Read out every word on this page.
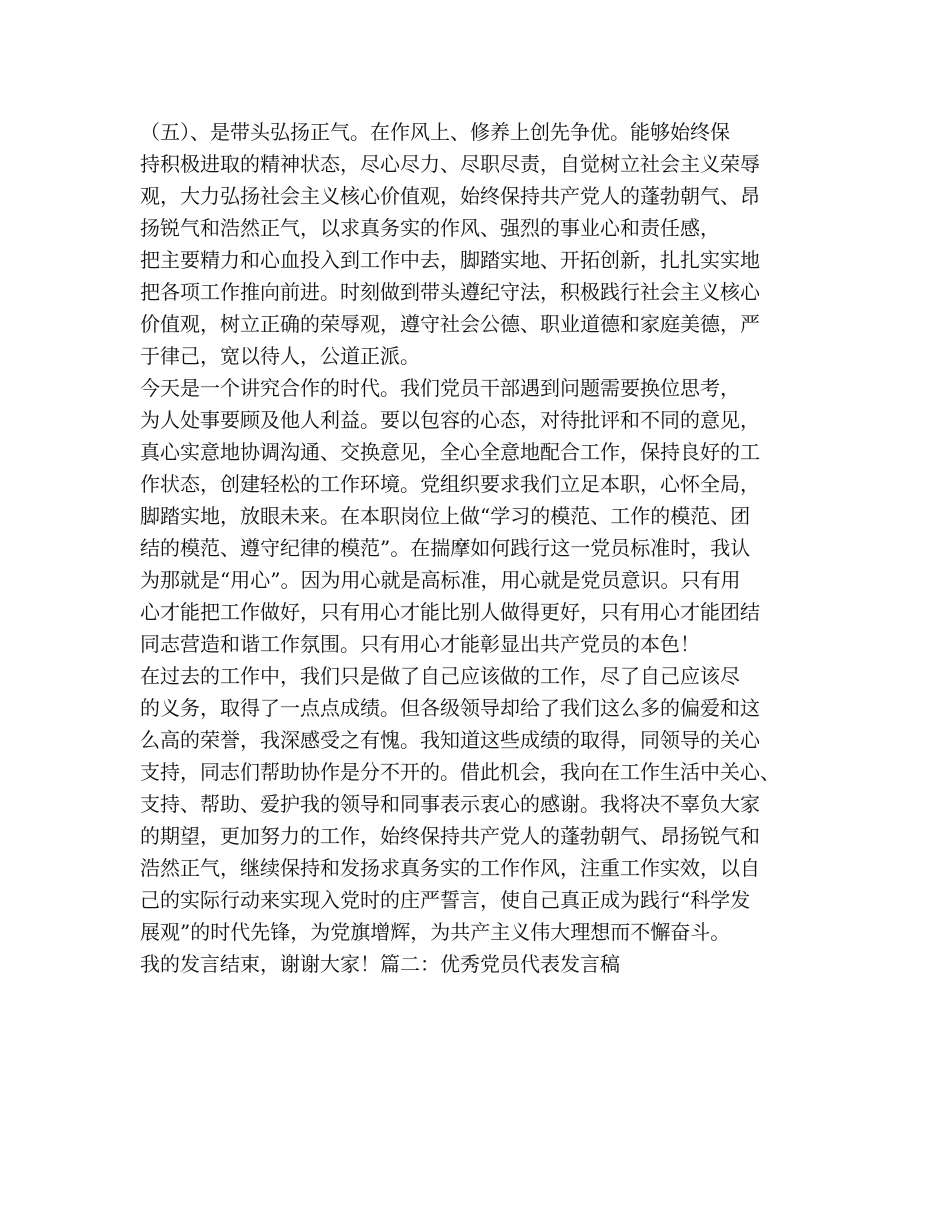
（五）、是带头弘扬正气。在作风上、修养上创先争优。能够始终保
持积极进取的精神状态，尽心尽力、尽职尽责，自觉树立社会主义荣辱
观，大力弘扬社会主义核心价值观，始终保持共产党人的蓬勃朝气、昂
扬锐气和浩然正气，以求真务实的作风、强烈的事业心和责任感，
把主要精力和心血投入到工作中去，脚踏实地、开拓创新，扎扎实实地
把各项工作推向前进。时刻做到带头遵纪守法，积极践行社会主义核心
价值观，树立正确的荣辱观，遵守社会公德、职业道德和家庭美德，严
于律己，宽以待人，公道正派。
今天是一个讲究合作的时代。我们党员干部遇到问题需要换位思考，
为人处事要顾及他人利益。要以包容的心态，对待批评和不同的意见，
真心实意地协调沟通、交换意见，全心全意地配合工作，保持良好的工
作状态，创建轻松的工作环境。党组织要求我们立足本职，心怀全局，
脚踏实地，放眼未来。在本职岗位上做“学习的模范、工作的模范、团
结的模范、遵守纪律的模范”。在揣摩如何践行这一党员标准时，我认
为那就是“用心”。因为用心就是高标准，用心就是党员意识。只有用
心才能把工作做好，只有用心才能比别人做得更好，只有用心才能团结
同志营造和谐工作氛围。只有用心才能彰显出共产党员的本色！
在过去的工作中，我们只是做了自己应该做的工作，尽了自己应该尽
的义务，取得了一点点成绩。但各级领导却给了我们这么多的偏爱和这
么高的荣誉，我深感受之有愧。我知道这些成绩的取得，同领导的关心
支持，同志们帮助协作是分不开的。借此机会，我向在工作生活中关心、
支持、帮助、爱护我的领导和同事表示衷心的感谢。我将决不辜负大家
的期望，更加努力的工作，始终保持共产党人的蓬勃朝气、昂扬锐气和
浩然正气，继续保持和发扬求真务实的工作作风，注重工作实效，以自
己的实际行动来实现入党时的庄严誓言，使自己真正成为践行“科学发
展观”的时代先锋，为党旗增辉，为共产主义伟大理想而不懈奋斗。
我的发言结束，谢谢大家！篇二：优秀党员代表发言稿
